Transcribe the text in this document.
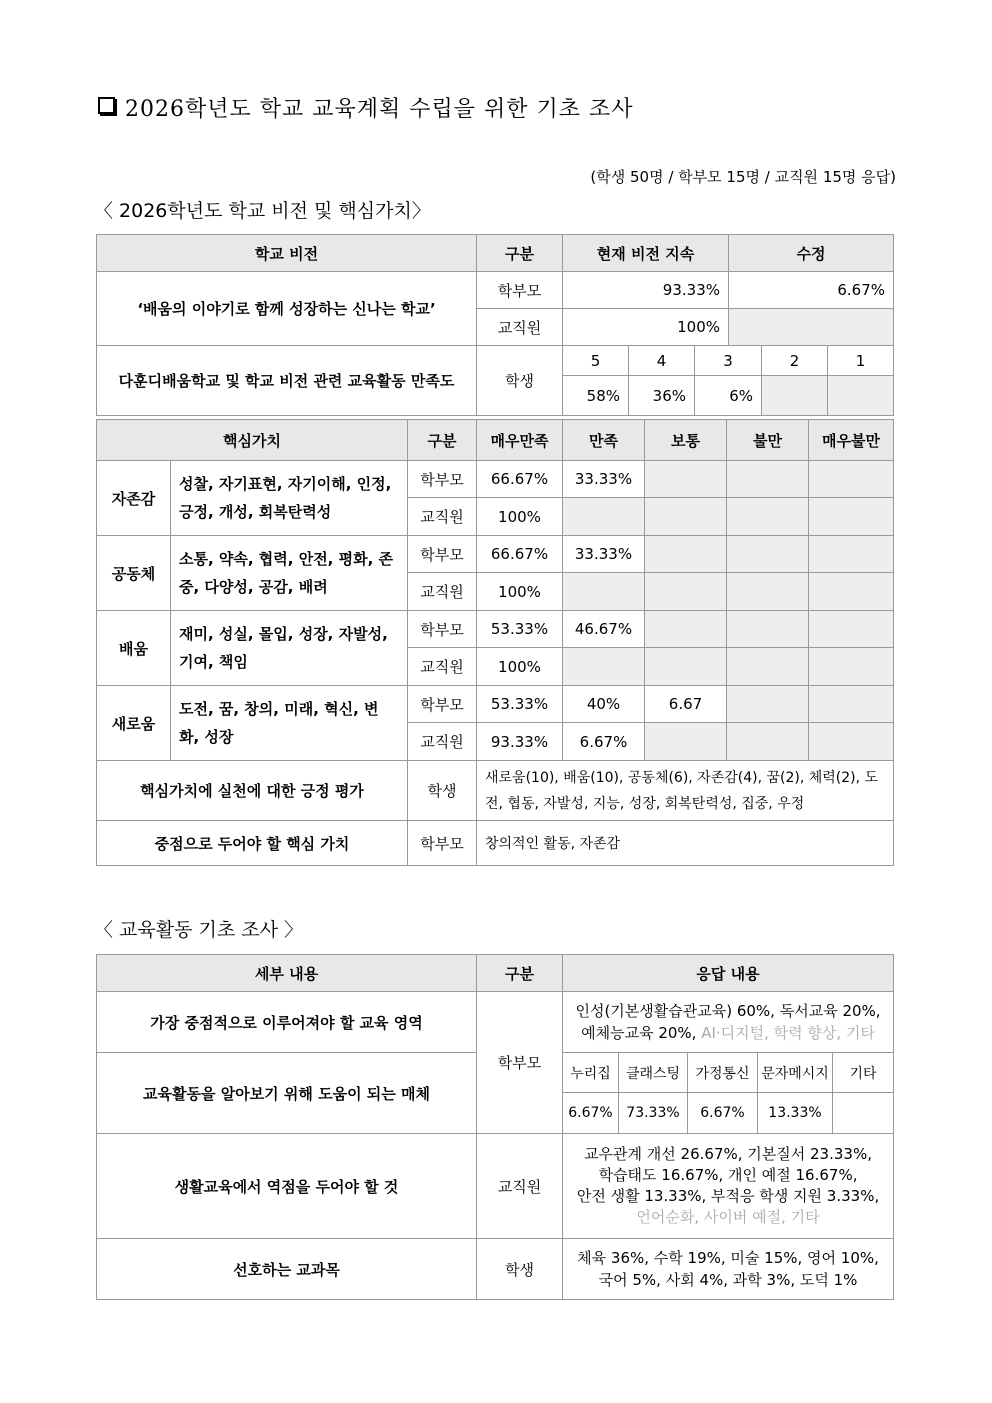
2026학년도 학교 교육계획 수립을 위한 기초 조사
(학생 50명 / 학부모 15명 / 교직원 15명 응답)
〈 2026학년도 학교 비전 및 핵심가치〉
학교 비전	구분	현재 비전 지속			수정		
‘배움의 이야기로 함께 성장하는 신나는 학교’	학부모	93.33%			6.67%		
	교직원	100%					
다훈디배움학교 및 학교 비전 관련 교육활동 만족도	학생	5	4	3		2	1
		58%	36%	6%			
핵심가치		구분	매우만족	만족	보통	불만	매우불만
자존감	성찰, 자기표현, 자기이해, 인정, 긍정, 개성, 회복탄력성	학부모	66.67%	33.33%			
		교직원	100%				
공동체	소통, 약속, 협력, 안전, 평화, 존중, 다양성, 공감, 배려	학부모	66.67%	33.33%			
		교직원	100%				
배움	재미, 성실, 몰입, 성장, 자발성, 기여, 책임	학부모	53.33%	46.67%			
		교직원	100%				
새로움	도전, 꿈, 창의, 미래, 혁신, 변화, 성장	학부모	53.33%	40%	6.67		
		교직원	93.33%	6.67%			
핵심가치에 실천에 대한 긍정 평가		학생	새로움(10), 배움(10), 공동체(6), 자존감(4), 꿈(2), 체력(2), 도전, 협동, 자발성, 지능, 성장, 회복탄력성, 집중, 우정				
중점으로 두어야 할 핵심 가치		학부모	창의적인 활동, 자존감				
〈 교육활동 기초 조사 〉
세부 내용	구분	응답 내용				
가장 중점적으로 이루어져야 할 교육 영역	학부모	인성(기본생활습관교육) 60%, 독서교육 20%,
예체능교육 20%, AI·디지털, 학력 향상, 기타				

교육활동을 알아보기 위해 도움이 되는 매체		누리집	클래스팅	가정통신	문자메시지	기타
		6.67%	73.33%	6.67%	13.33%	
생활교육에서 역점을 두어야 할 것	교직원	교우관계 개선 26.67%, 기본질서 23.33%,
학습태도 16.67%, 개인 예절 16.67%,
안전 생활 13.33%, 부적응 학생 지원 3.33%,
언어순화, 사이버 예절, 기타				

선호하는 교과목	학생	체육 36%, 수학 19%, 미술 15%, 영어 10%,
국어 5%, 사회 4%, 과학 3%, 도덕 1%				
